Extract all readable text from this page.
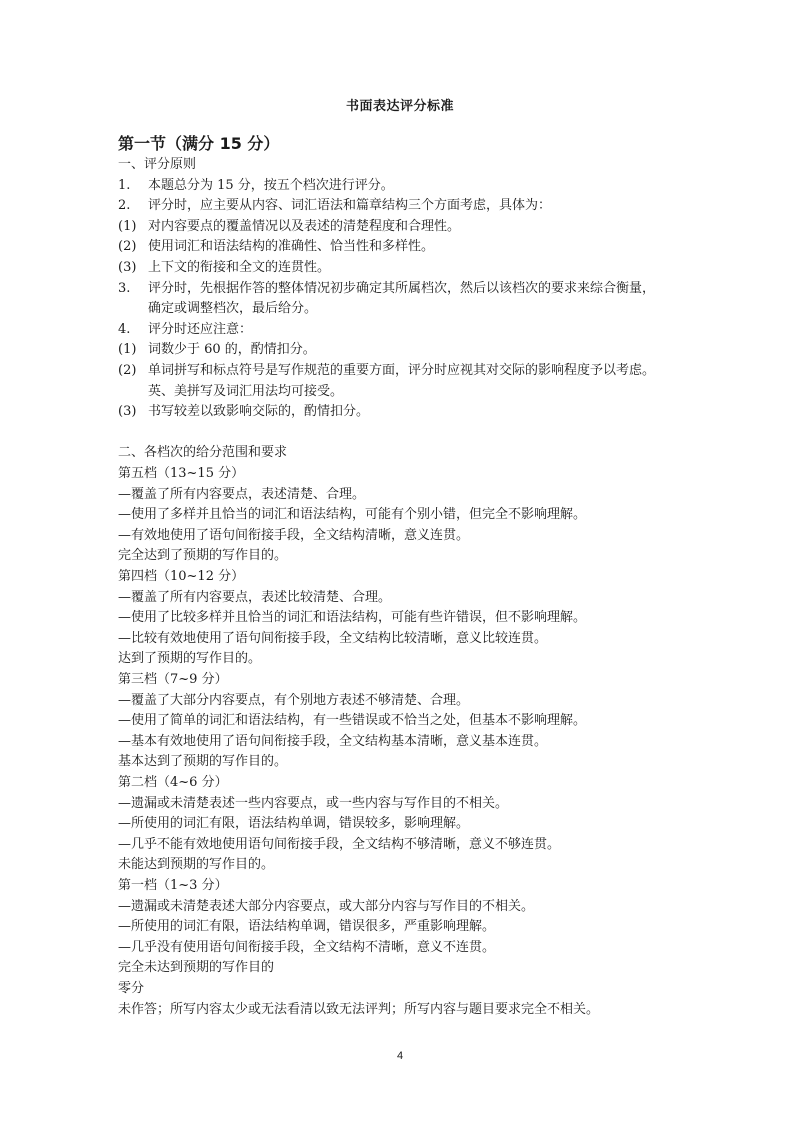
书面表达评分标准
第一节（满分 15 分）
一、评分原则
1. 本题总分为 15 分，按五个档次进行评分。
2. 评分时，应主要从内容、词汇语法和篇章结构三个方面考虑，具体为：
(1) 对内容要点的覆盖情况以及表述的清楚程度和合理性。
(2) 使用词汇和语法结构的准确性、恰当性和多样性。
(3) 上下文的衔接和全文的连贯性。
3. 评分时，先根据作答的整体情况初步确定其所属档次，然后以该档次的要求来综合衡量，
确定或调整档次，最后给分。
4. 评分时还应注意：
(1) 词数少于 60 的，酌情扣分。
(2) 单词拼写和标点符号是写作规范的重要方面，评分时应视其对交际的影响程度予以考虑。
英、美拼写及词汇用法均可接受。
(3) 书写较差以致影响交际的，酌情扣分。
二、各档次的给分范围和要求
第五档（13~15 分）
—覆盖了所有内容要点，表述清楚、合理。
—使用了多样并且恰当的词汇和语法结构，可能有个别小错，但完全不影响理解。
—有效地使用了语句间衔接手段，全文结构清晰，意义连贯。
完全达到了预期的写作目的。
第四档（10~12 分）
—覆盖了所有内容要点，表述比较清楚、合理。
—使用了比较多样并且恰当的词汇和语法结构，可能有些许错误，但不影响理解。
—比较有效地使用了语句间衔接手段，全文结构比较清晰，意义比较连贯。
达到了预期的写作目的。
第三档（7~9 分）
—覆盖了大部分内容要点，有个别地方表述不够清楚、合理。
—使用了简单的词汇和语法结构，有一些错误或不恰当之处，但基本不影响理解。
—基本有效地使用了语句间衔接手段，全文结构基本清晰，意义基本连贯。
基本达到了预期的写作目的。
第二档（4~6 分）
—遗漏或未清楚表述一些内容要点，或一些内容与写作目的不相关。
—所使用的词汇有限，语法结构单调，错误较多，影响理解。
—几乎不能有效地使用语句间衔接手段，全文结构不够清晰，意义不够连贯。
未能达到预期的写作目的。
第一档（1~3 分）
—遗漏或未清楚表述大部分内容要点，或大部分内容与写作目的不相关。
—所使用的词汇有限，语法结构单调，错误很多，严重影响理解。
—几乎没有使用语句间衔接手段，全文结构不清晰，意义不连贯。
完全未达到预期的写作目的
零分
未作答；所写内容太少或无法看清以致无法评判；所写内容与题目要求完全不相关。
4
